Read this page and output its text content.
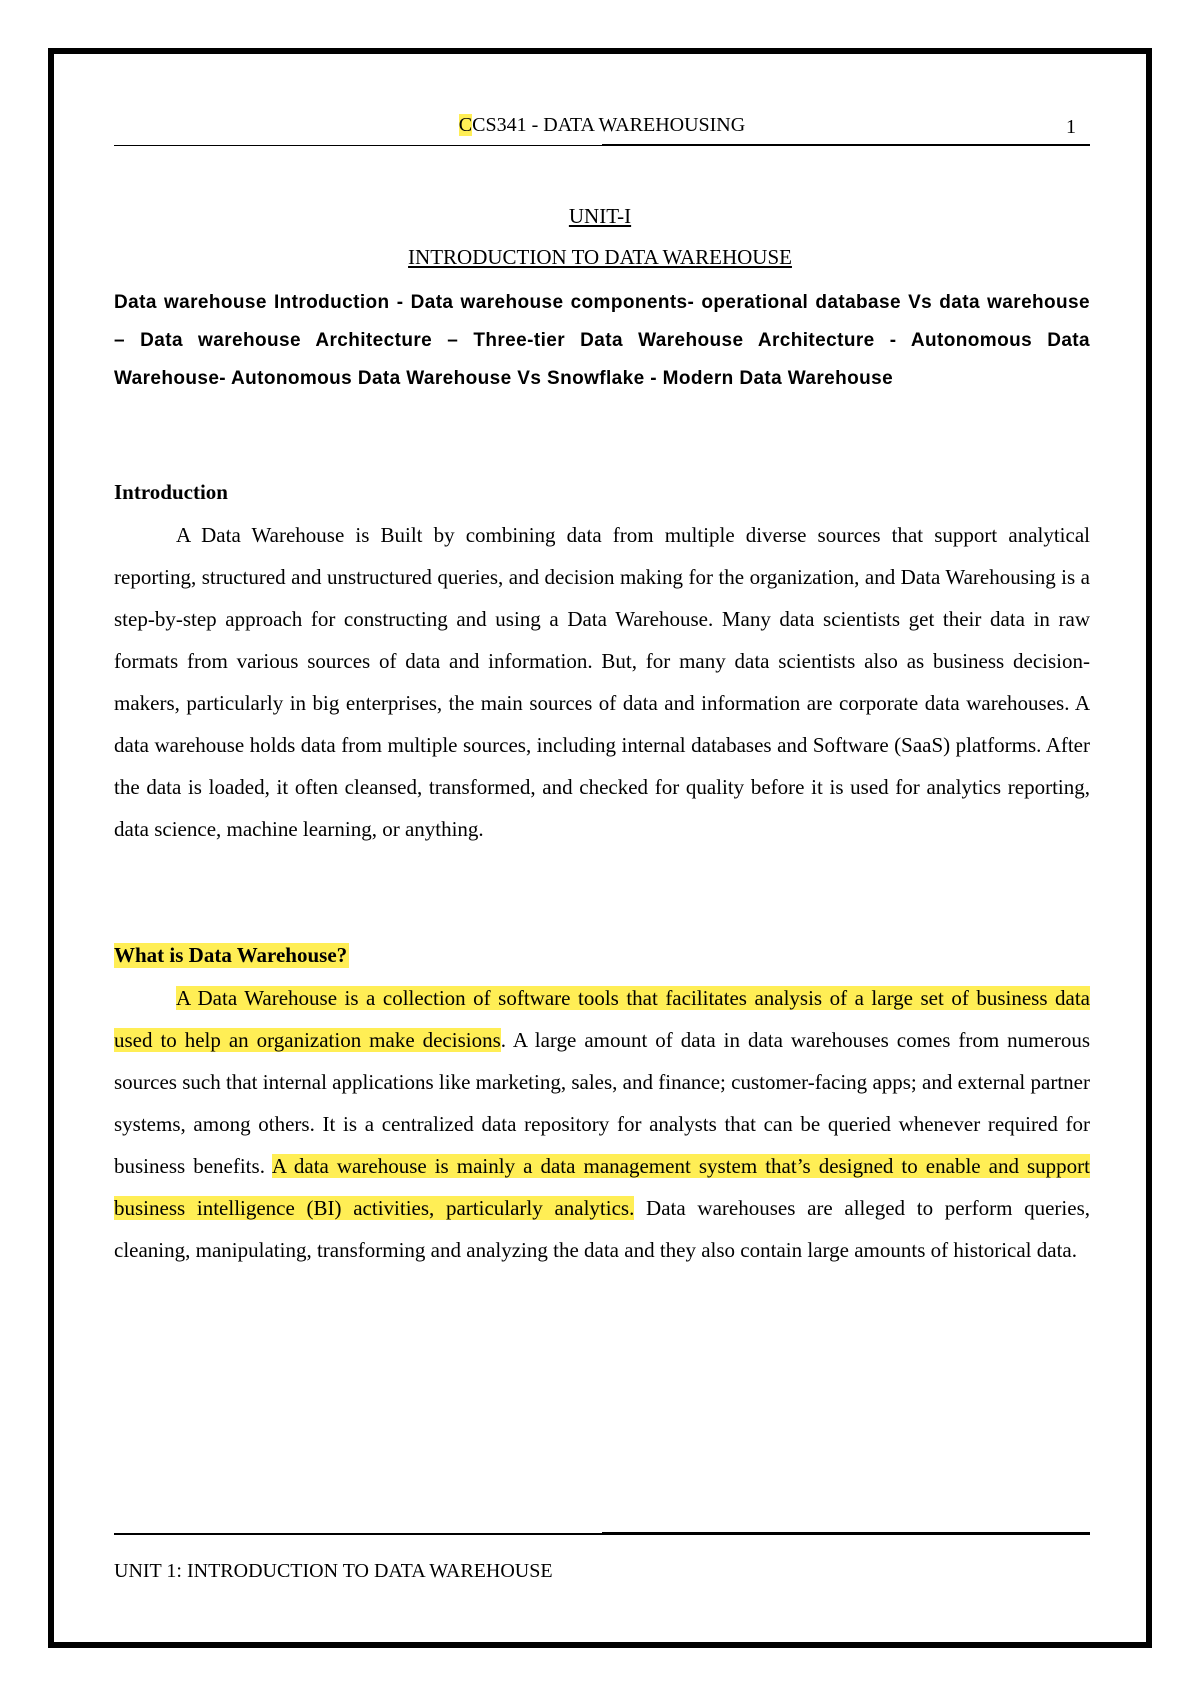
CCS341 - DATA WAREHOUSING	1
UNIT-I
INTRODUCTION TO DATA WAREHOUSE
Data warehouse Introduction - Data warehouse components- operational database Vs data warehouse – Data warehouse Architecture – Three-tier Data Warehouse Architecture - Autonomous Data Warehouse- Autonomous Data Warehouse Vs Snowflake - Modern Data Warehouse
Introduction
A Data Warehouse is Built by combining data from multiple diverse sources that support analytical reporting, structured and unstructured queries, and decision making for the organization, and Data Warehousing is a step-by-step approach for constructing and using a Data Warehouse. Many data scientists get their data in raw formats from various sources of data and information. But, for many data scientists also as business decision-makers, particularly in big enterprises, the main sources of data and information are corporate data warehouses. A data warehouse holds data from multiple sources, including internal databases and Software (SaaS) platforms. After the data is loaded, it often cleansed, transformed, and checked for quality before it is used for analytics reporting, data science, machine learning, or anything.
What is Data Warehouse?
A Data Warehouse is a collection of software tools that facilitates analysis of a large set of business data used to help an organization make decisions. A large amount of data in data warehouses comes from numerous sources such that internal applications like marketing, sales, and finance; customer-facing apps; and external partner systems, among others. It is a centralized data repository for analysts that can be queried whenever required for business benefits. A data warehouse is mainly a data management system that’s designed to enable and support business intelligence (BI) activities, particularly analytics. Data warehouses are alleged to perform queries, cleaning, manipulating, transforming and analyzing the data and they also contain large amounts of historical data.
UNIT 1: INTRODUCTION TO DATA WAREHOUSE
